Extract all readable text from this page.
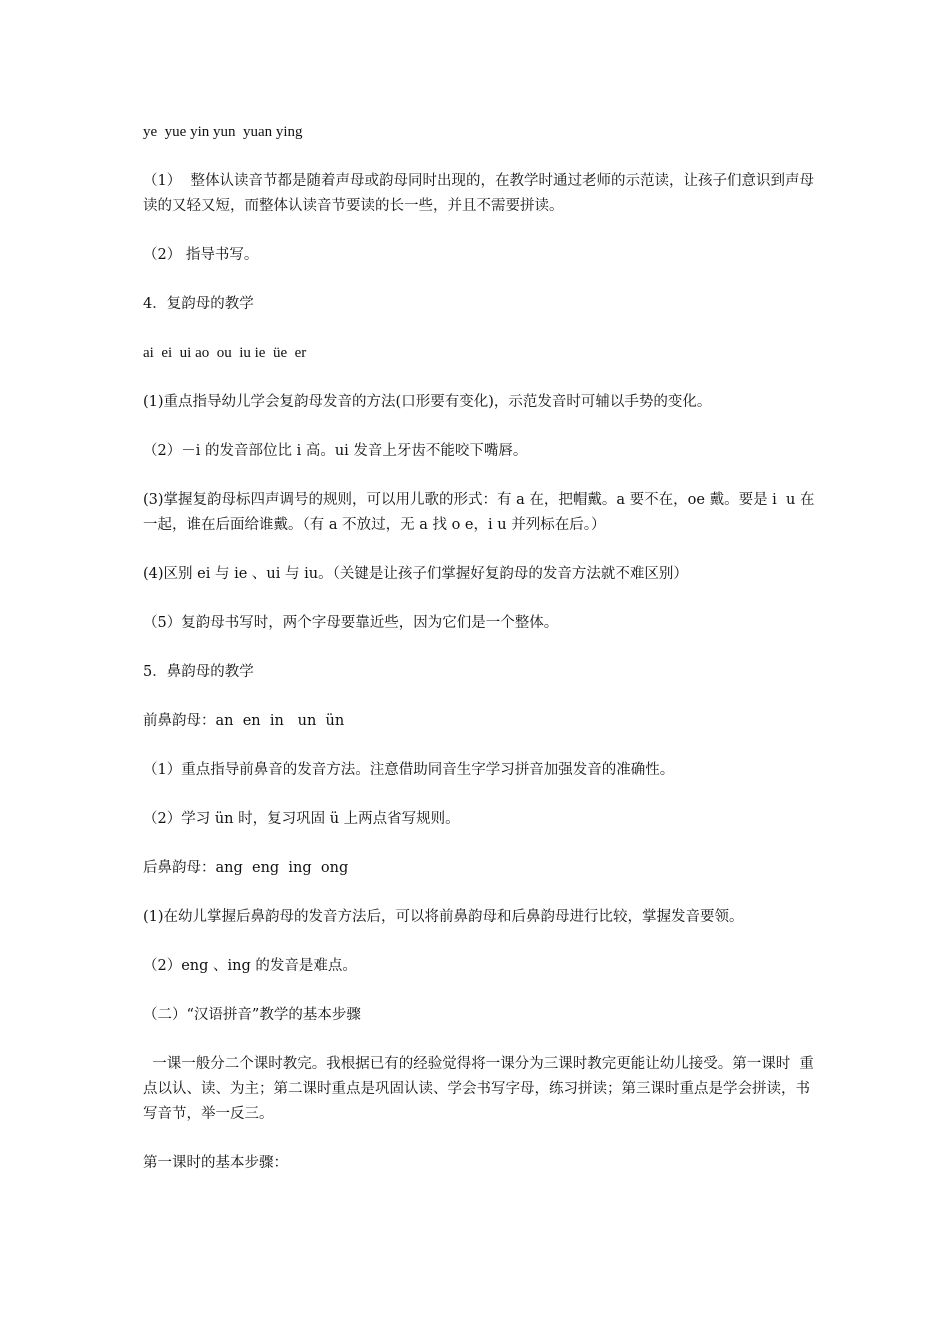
ye  yue yin yun  yuan ying

（1）  整体认读音节都是随着声母或韵母同时出现的，在教学时通过老师的示范读，让孩子们意识到声母读的又轻又短，而整体认读音节要读的长一些，并且不需要拼读。

（2） 指导书写。

4．复韵母的教学

ai  ei  ui ao  ou  iu ie  üe  er

(1)重点指导幼儿学会复韵母发音的方法(口形要有变化)，示范发音时可辅以手势的变化。

（2）－i 的发音部位比 i 高。ui 发音上牙齿不能咬下嘴唇。

(3)掌握复韵母标四声调号的规则，可以用儿歌的形式：有 a 在，把帽戴。a 要不在，oe 戴。要是 i  u 在一起，谁在后面给谁戴。（有 a 不放过，无 a 找 o e，i u 并列标在后。）

(4)区别 ei 与 ie 、ui 与 iu。（关键是让孩子们掌握好复韵母的发音方法就不难区别）

（5）复韵母书写时，两个字母要靠近些，因为它们是一个整体。

5．鼻韵母的教学

前鼻韵母：an  en  in   un  ün

（1）重点指导前鼻音的发音方法。注意借助同音生字学习拼音加强发音的准确性。

（2）学习 ün 时，复习巩固 ü 上两点省写规则。

后鼻韵母：ang  eng  ing  ong

(1)在幼儿掌握后鼻韵母的发音方法后，可以将前鼻韵母和后鼻韵母进行比较，掌握发音要领。

（2）eng 、ing 的发音是难点。

（二）“汉语拼音”教学的基本步骤

一课一般分二个课时教完。我根据已有的经验觉得将一课分为三课时教完更能让幼儿接受。第一课时  重点以认、读、为主；第二课时重点是巩固认读、学会书写字母，练习拼读；第三课时重点是学会拼读，书写音节，举一反三。

第一课时的基本步骤：
